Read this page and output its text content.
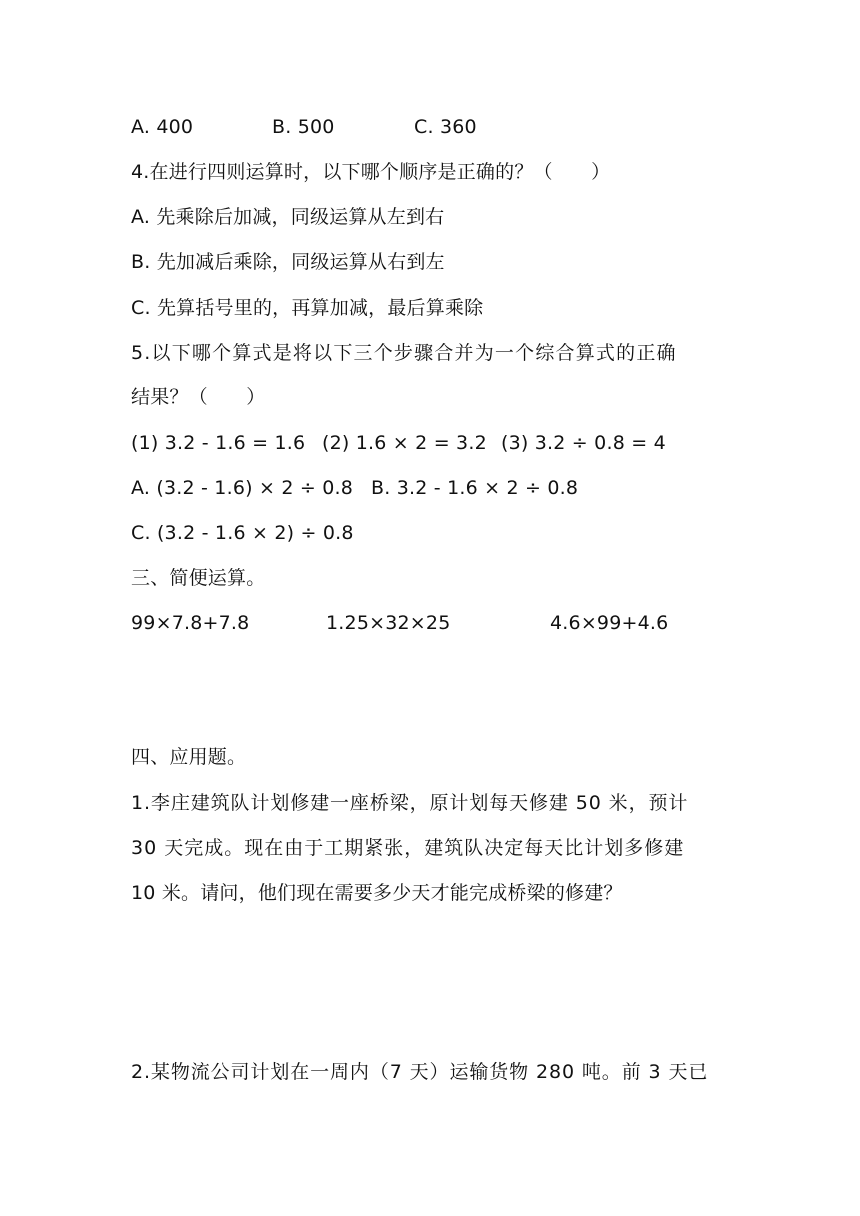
A. 400	B. 500	C. 360
4.在进行四则运算时，以下哪个顺序是正确的？（　　）
A. 先乘除后加减，同级运算从左到右
B. 先加减后乘除，同级运算从右到左
C. 先算括号里的，再算加减，最后算乘除
5.以下哪个算式是将以下三个步骤合并为一个综合算式的正确
结果？（　　）
(1) 3.2 - 1.6 = 1.6 (2) 1.6 × 2 = 3.2 (3) 3.2 ÷ 0.8 = 4
A. (3.2 - 1.6) × 2 ÷ 0.8 B. 3.2 - 1.6 × 2 ÷ 0.8
C. (3.2 - 1.6 × 2) ÷ 0.8
三、简便运算。
99×7.8+7.8	1.25×32×25	4.6×99+4.6
四、应用题。
1.李庄建筑队计划修建一座桥梁，原计划每天修建 50 米，预计
30 天完成。现在由于工期紧张，建筑队决定每天比计划多修建
10 米。请问，他们现在需要多少天才能完成桥梁的修建？
2.某物流公司计划在一周内（7 天）运输货物 280 吨。前 3 天已
